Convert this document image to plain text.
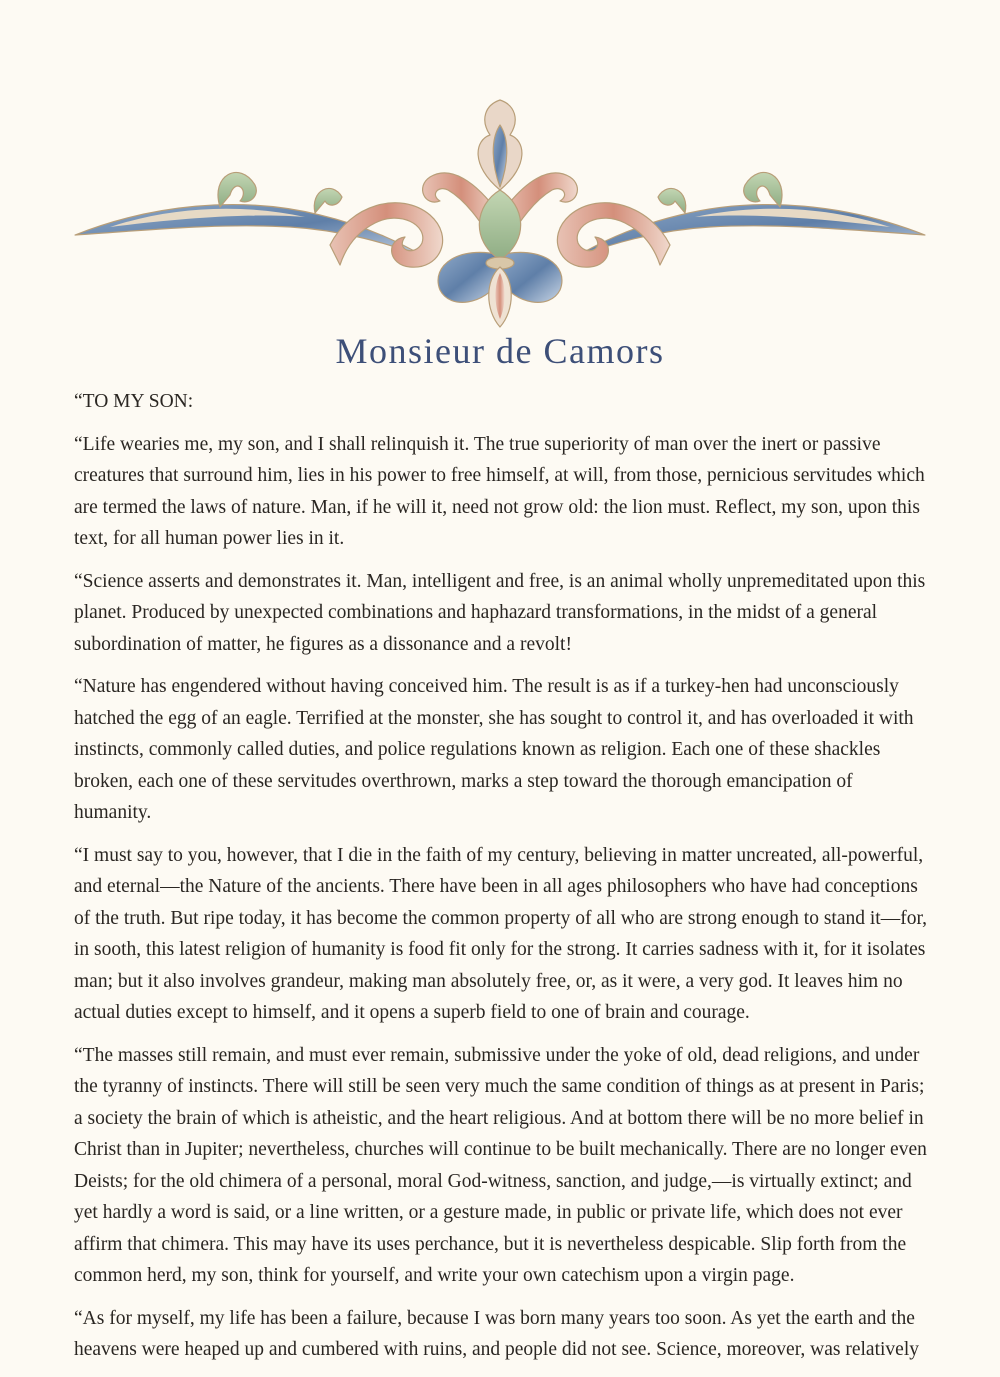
Monsieur de Camors

“TO MY SON:

“Life wearies me, my son, and I shall relinquish it. The true superiority of man over the inert or passive creatures that surround him, lies in his power to free himself, at will, from those, pernicious servitudes which are termed the laws of nature. Man, if he will it, need not grow old: the lion must. Reflect, my son, upon this text, for all human power lies in it.

“Science asserts and demonstrates it. Man, intelligent and free, is an animal wholly unpremeditated upon this planet. Produced by unexpected combinations and haphazard transformations, in the midst of a general subordination of matter, he figures as a dissonance and a revolt!

“Nature has engendered without having conceived him. The result is as if a turkey-hen had unconsciously hatched the egg of an eagle. Terrified at the monster, she has sought to control it, and has overloaded it with instincts, commonly called duties, and police regulations known as religion. Each one of these shackles broken, each one of these servitudes overthrown, marks a step toward the thorough emancipation of humanity.

“I must say to you, however, that I die in the faith of my century, believing in matter uncreated, all-powerful, and eternal—the Nature of the ancients. There have been in all ages philosophers who have had conceptions of the truth. But ripe today, it has become the common property of all who are strong enough to stand it—for, in sooth, this latest religion of humanity is food fit only for the strong. It carries sadness with it, for it isolates man; but it also involves grandeur, making man absolutely free, or, as it were, a very god. It leaves him no actual duties except to himself, and it opens a superb field to one of brain and courage.

“The masses still remain, and must ever remain, submissive under the yoke of old, dead religions, and under the tyranny of instincts. There will still be seen very much the same condition of things as at present in Paris; a society the brain of which is atheistic, and the heart religious. And at bottom there will be no more belief in Christ than in Jupiter; nevertheless, churches will continue to be built mechanically. There are no longer even Deists; for the old chimera of a personal, moral God-witness, sanction, and judge,—is virtually extinct; and yet hardly a word is said, or a line written, or a gesture made, in public or private life, which does not ever affirm that chimera. This may have its uses perchance, but it is nevertheless despicable. Slip forth from the common herd, my son, think for yourself, and write your own catechism upon a virgin page.

“As for myself, my life has been a failure, because I was born many years too soon. As yet the earth and the heavens were heaped up and cumbered with ruins, and people did not see. Science, moreover, was relatively
